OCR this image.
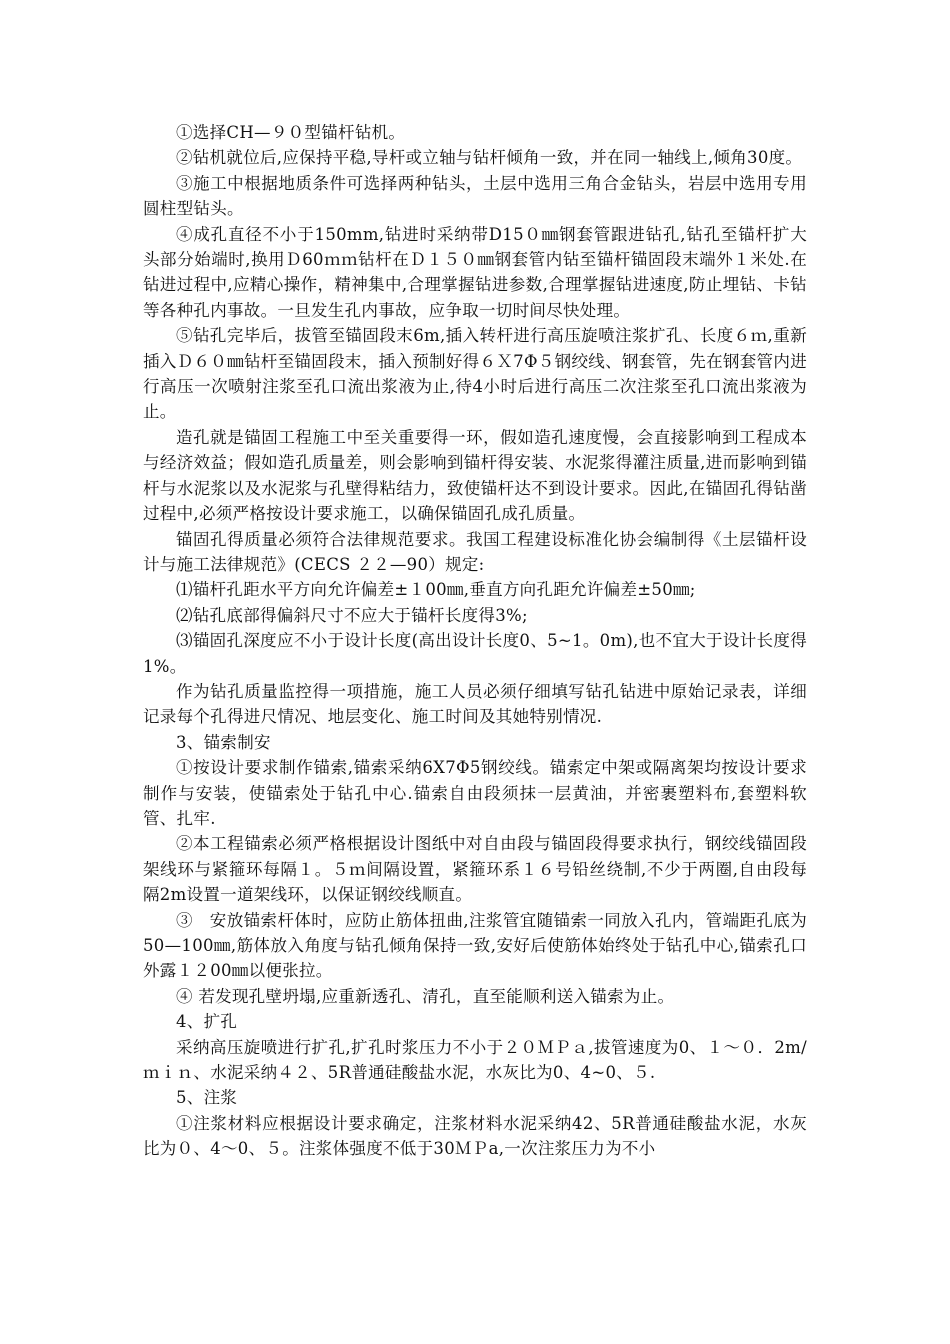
①选择CH—９０型锚杆钻机。

②钻机就位后,应保持平稳,导杆或立轴与钻杆倾角一致，并在同一轴线上,倾角30度。

③施工中根据地质条件可选择两种钻头，土层中选用三角合金钻头，岩层中选用专用圆柱型钻头。

④成孔直径不小于150mm,钻进时采纳带D15０㎜钢套管跟进钻孔,钻孔至锚杆扩大头部分始端时,换用Ｄ60ｍｍ钻杆在Ｄ１５０㎜钢套管内钻至锚杆锚固段末端外１米处.在钻进过程中,应精心操作，精神集中,合理掌握钻进参数,合理掌握钻进速度,防止埋钻、卡钻等各种孔内事故。一旦发生孔内事故，应争取一切时间尽快处理。

⑤钻孔完毕后，拔管至锚固段末6m,插入转杆进行高压旋喷注浆扩孔、长度６ｍ,重新插入Ｄ６０㎜钻杆至锚固段末，插入预制好得６Ｘ7Φ５钢绞线、钢套管，先在钢套管内进行高压一次喷射注浆至孔口流出浆液为止,待4小时后进行高压二次注浆至孔口流出浆液为止。

造孔就是锚固工程施工中至关重要得一环，假如造孔速度慢，会直接影响到工程成本与经济效益；假如造孔质量差，则会影响到锚杆得安装、水泥浆得灌注质量,进而影响到锚杆与水泥浆以及水泥浆与孔壁得粘结力，致使锚杆达不到设计要求。因此,在锚固孔得钻凿过程中,必须严格按设计要求施工，以确保锚固孔成孔质量。

锚固孔得质量必须符合法律规范要求。我国工程建设标准化协会编制得《土层锚杆设计与施工法律规范》(CECS ２２—90）规定:

⑴锚杆孔距水平方向允许偏差±１00㎜,垂直方向孔距允许偏差±50㎜;

⑵钻孔底部得偏斜尺寸不应大于锚杆长度得3%;

⑶锚固孔深度应不小于设计长度(高出设计长度0、5~1。0m),也不宜大于设计长度得1%。

作为钻孔质量监控得一项措施，施工人员必须仔细填写钻孔钻进中原始记录表，详细记录每个孔得进尺情况、地层变化、施工时间及其她特别情况.

3、锚索制安

①按设计要求制作锚索,锚索采纳6X7Φ5钢绞线。锚索定中架或隔离架均按设计要求制作与安装，使锚索处于钻孔中心.锚索自由段须抹一层黄油，并密裹塑料布,套塑料软管、扎牢.

②本工程锚索必须严格根据设计图纸中对自由段与锚固段得要求执行，钢绞线锚固段架线环与紧箍环每隔１。５ｍ间隔设置，紧箍环系１６号铅丝绕制,不少于两圈,自由段每隔2m设置一道架线环，以保证钢绞线顺直。

③　安放锚索杆体时，应防止筋体扭曲,注浆管宜随锚索一同放入孔内，管端距孔底为50—100㎜,筋体放入角度与钻孔倾角保持一致,安好后使筋体始终处于钻孔中心,锚索孔口外露１２00㎜以便张拉。

④ 若发现孔壁坍塌,应重新透孔、清孔，直至能顺利送入锚索为止。

4、扩孔

采纳高压旋喷进行扩孔,扩孔时浆压力不小于２０ＭＰａ,拔管速度为0、１～０．2m/ｍｉｎ、水泥采纳４２、5R普通硅酸盐水泥，水灰比为0、4~0、５.

5、注浆

①注浆材料应根据设计要求确定，注浆材料水泥采纳42、5R普通硅酸盐水泥，水灰比为０、4～0、５。注浆体强度不低于30ＭＰa,一次注浆压力为不小
